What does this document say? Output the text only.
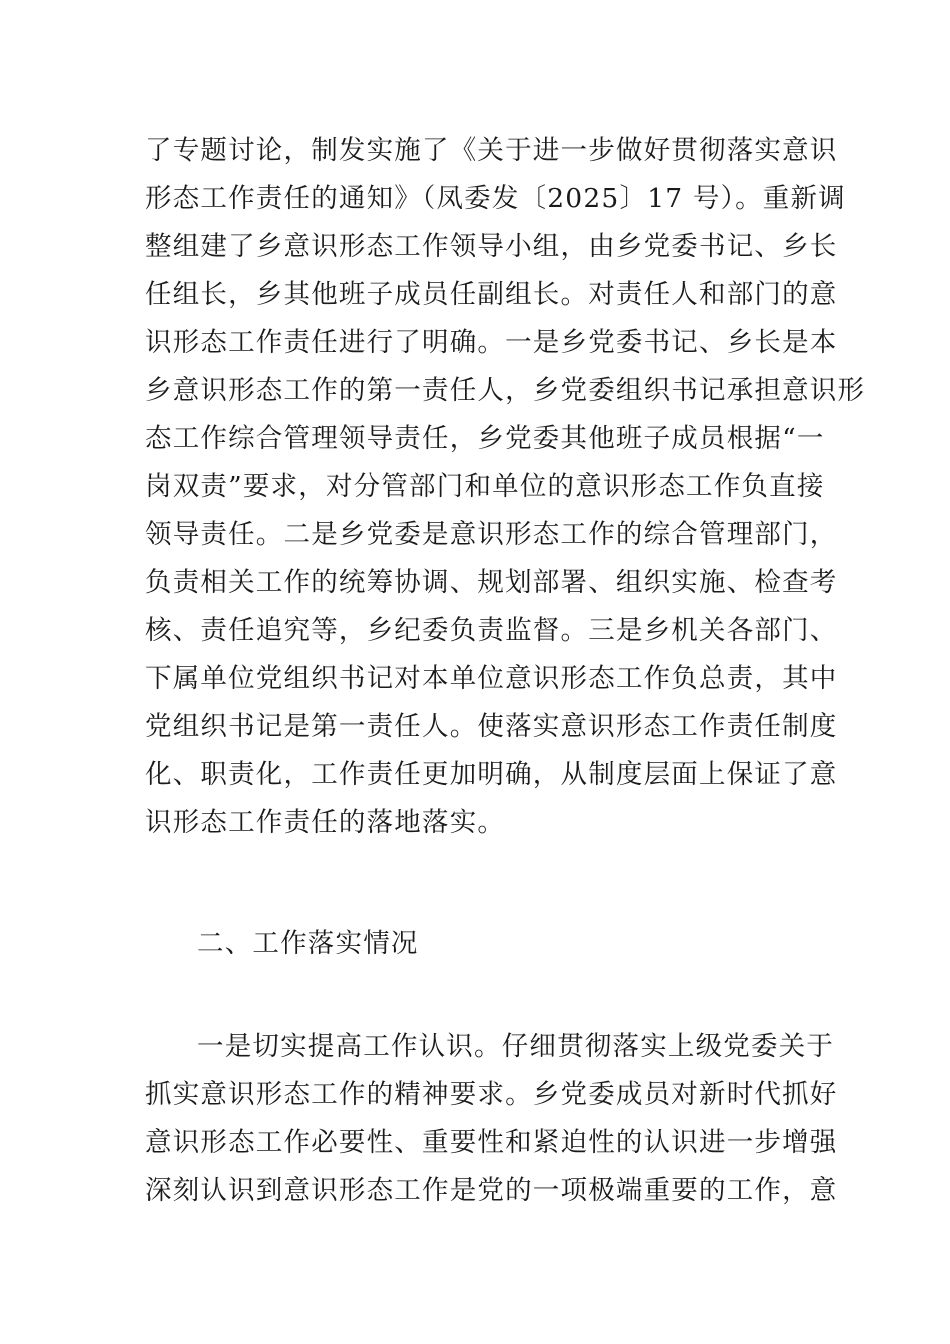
了专题讨论，制发实施了《关于进一步做好贯彻落实意识
形态工作责任的通知》（凤委发〔2025〕17 号）。重新调
整组建了乡意识形态工作领导小组，由乡党委书记、乡长
任组长，乡其他班子成员任副组长。对责任人和部门的意
识形态工作责任进行了明确。一是乡党委书记、乡长是本
乡意识形态工作的第一责任人，乡党委组织书记承担意识形
态工作综合管理领导责任，乡党委其他班子成员根据“一
岗双责”要求，对分管部门和单位的意识形态工作负直接
领导责任。二是乡党委是意识形态工作的综合管理部门，
负责相关工作的统筹协调、规划部署、组织实施、检查考
核、责任追究等，乡纪委负责监督。三是乡机关各部门、
下属单位党组织书记对本单位意识形态工作负总责，其中
党组织书记是第一责任人。使落实意识形态工作责任制度
化、职责化，工作责任更加明确，从制度层面上保证了意
识形态工作责任的落地落实。
二、工作落实情况
一是切实提高工作认识。仔细贯彻落实上级党委关于
抓实意识形态工作的精神要求。乡党委成员对新时代抓好
意识形态工作必要性、重要性和紧迫性的认识进一步增强
深刻认识到意识形态工作是党的一项极端重要的工作，意
